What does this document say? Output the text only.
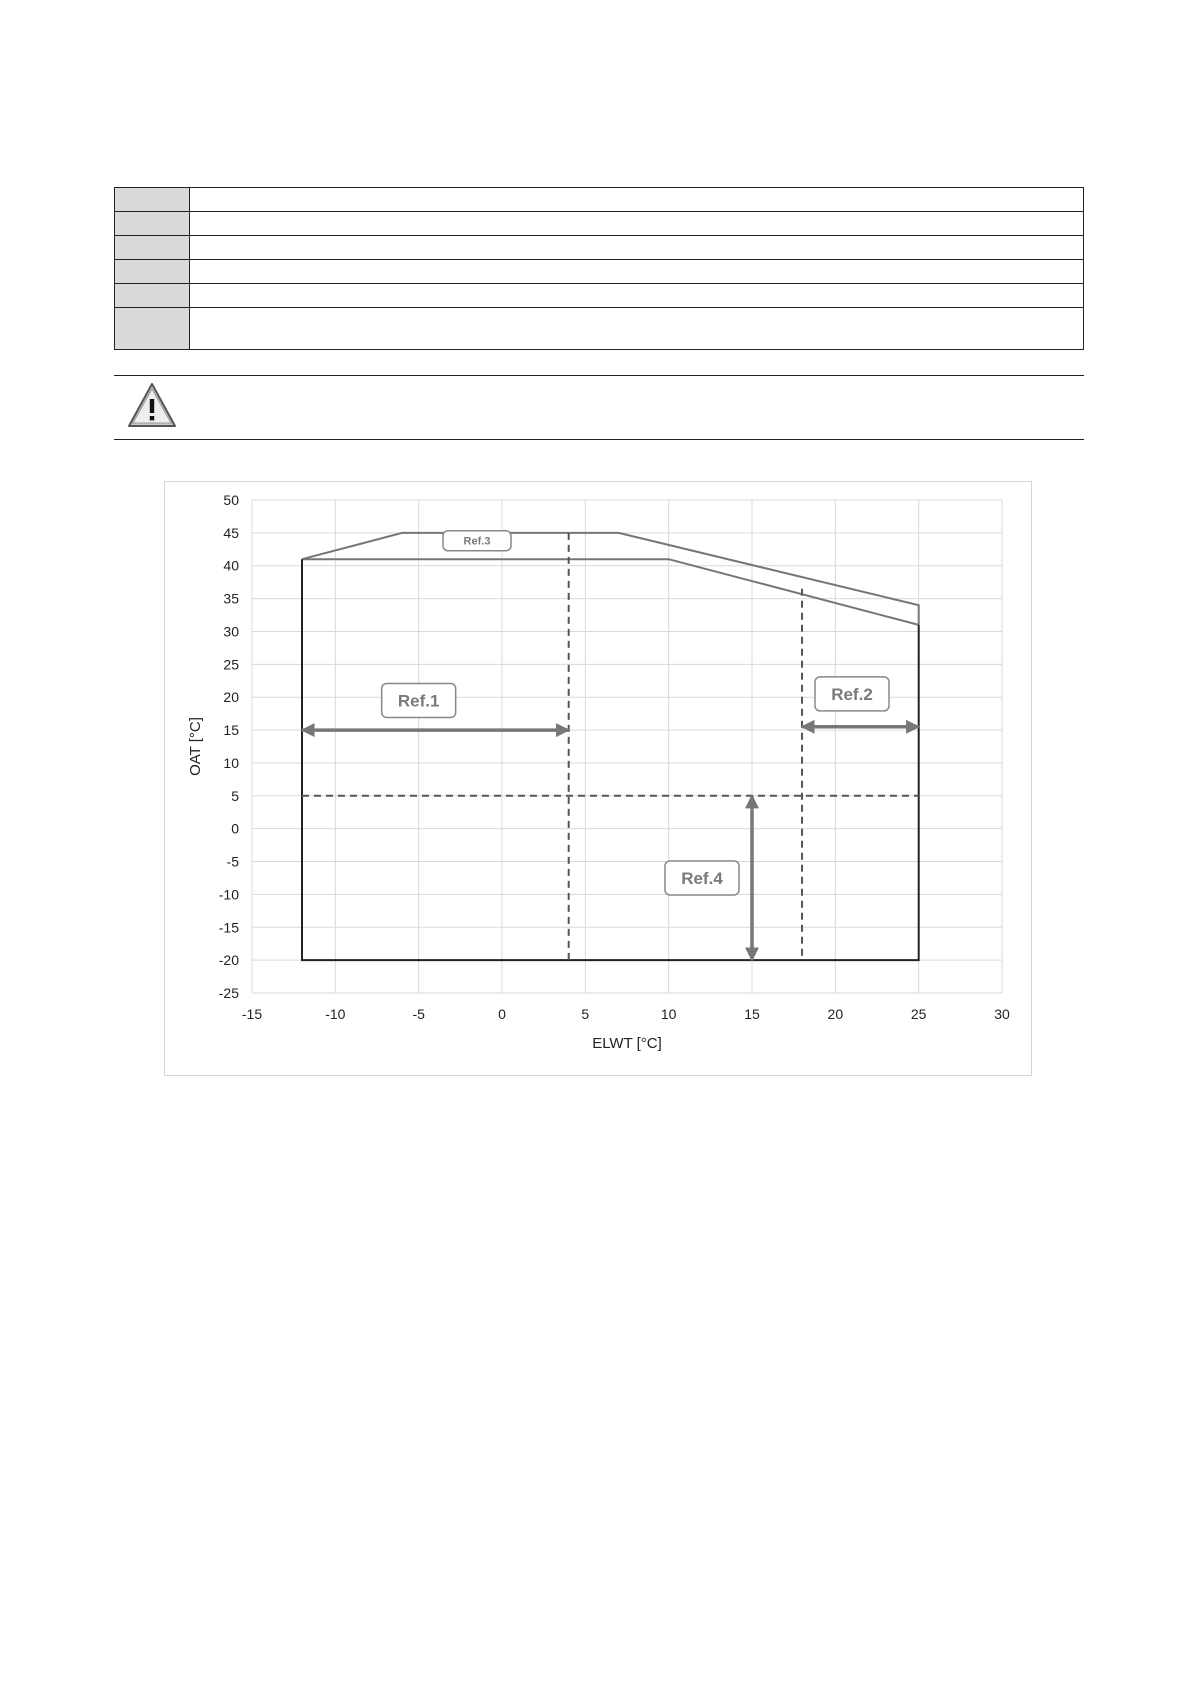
-15	-10	-5	0	5	10	15	20	25	30
50
45
40
35
30
25
20
15
10
5
0
-5
-10
-15
-20
-25
ELWT [°C]
OAT [°C]
Ref.1	Ref.2
Ref.3
Ref.4
